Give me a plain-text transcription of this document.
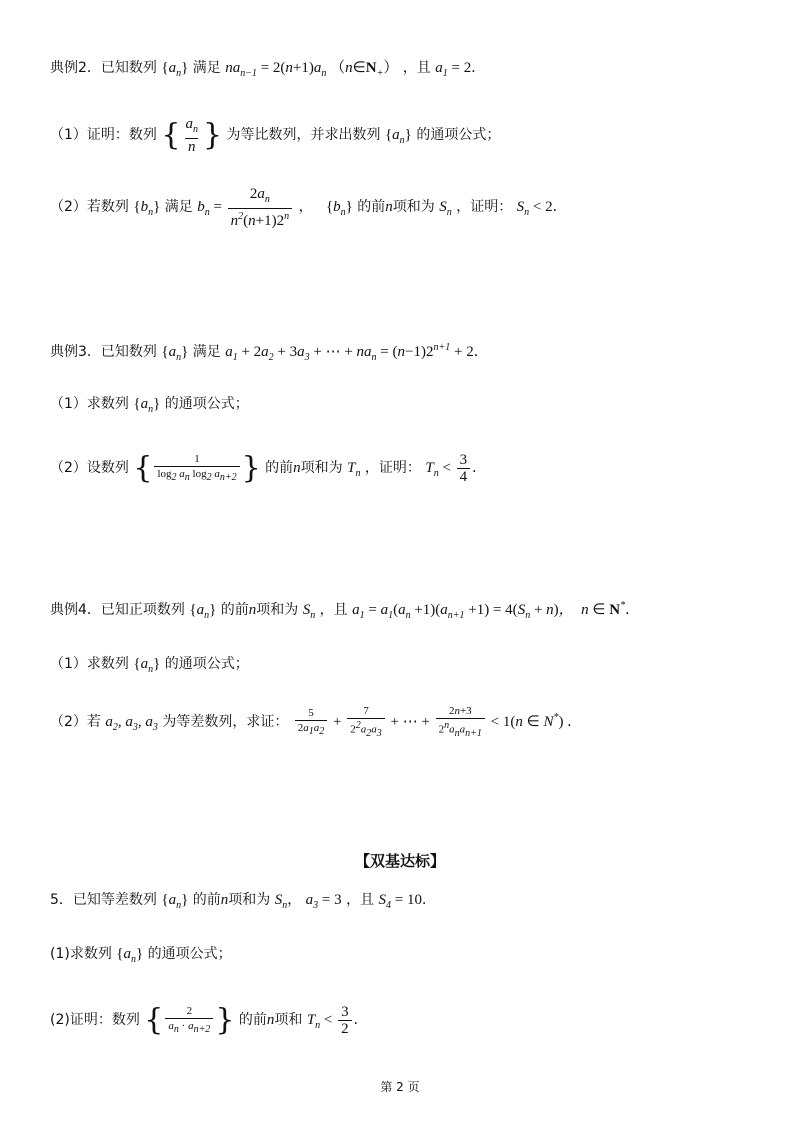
典例2．已知数列 $\{a_n\}$ 满足 $na_{n-1} = 2(n+1)a_n$ $(n\in N_+)$ ，且 $a_1 = 2$．
（1）证明：数列 { $\frac{a_n}{n}$ } 为等比数列，并求出数列 $\{a_n\}$ 的通项公式；
（2）若数列 $\{b_n\}$ 满足 $b_n = \frac{2a_n}{n^2(n+1)2^n}$ ，   $\{b_n\}$ 的前n项和为 $S_n$ ，证明： $S_n < 2$．
典例3．已知数列 $\{a_n\}$ 满足 $a_1 + 2a_2 + 3a_3$ + ⋯ + $na_n = (n-1)2^{n+1} + 2$．
（1）求数列 $\{a_n\}$ 的通项公式；
（2）设数列 { $\frac{1}{\log_2 a_n \log_2 a_{n+2}}$ } 的前n项和为 $T_n$ ，证明： $T_n < \frac{3}{4}$ ．
典例4．已知正项数列 $\{a_n\}$ 的前n项和为 $S_n$ ，且 $a_1 = a_1(a_n +1)(a_{n+1} +1) = 4(S_n + n)$，  n ∈ N*．
（1）求数列 $\{a_n\}$ 的通项公式；
（2）若 $a_2$, $a_3$, $a_3$ 为等差数列，求证： $\frac{5}{2a_1a_2} + \frac{7}{2^2a_2a_3}$ + ⋯ + $\frac{2n+3}{2^na_na_{n+1}} < 1(n$ ∈ N*) ．
【双基达标】
5．已知等差数列 $\{a_n\}$ 的前n项和为 $S_n$， $a_3 = 3$ ，且 $S_4 = 10$．
(1)求数列 $\{a_n\}$ 的通项公式；
(2)证明：数列 { $\frac{2}{a_n \cdot a_{n+2}}$ } 的前n项和 $T_n < \frac{3}{2}$ ．
第 2 页
